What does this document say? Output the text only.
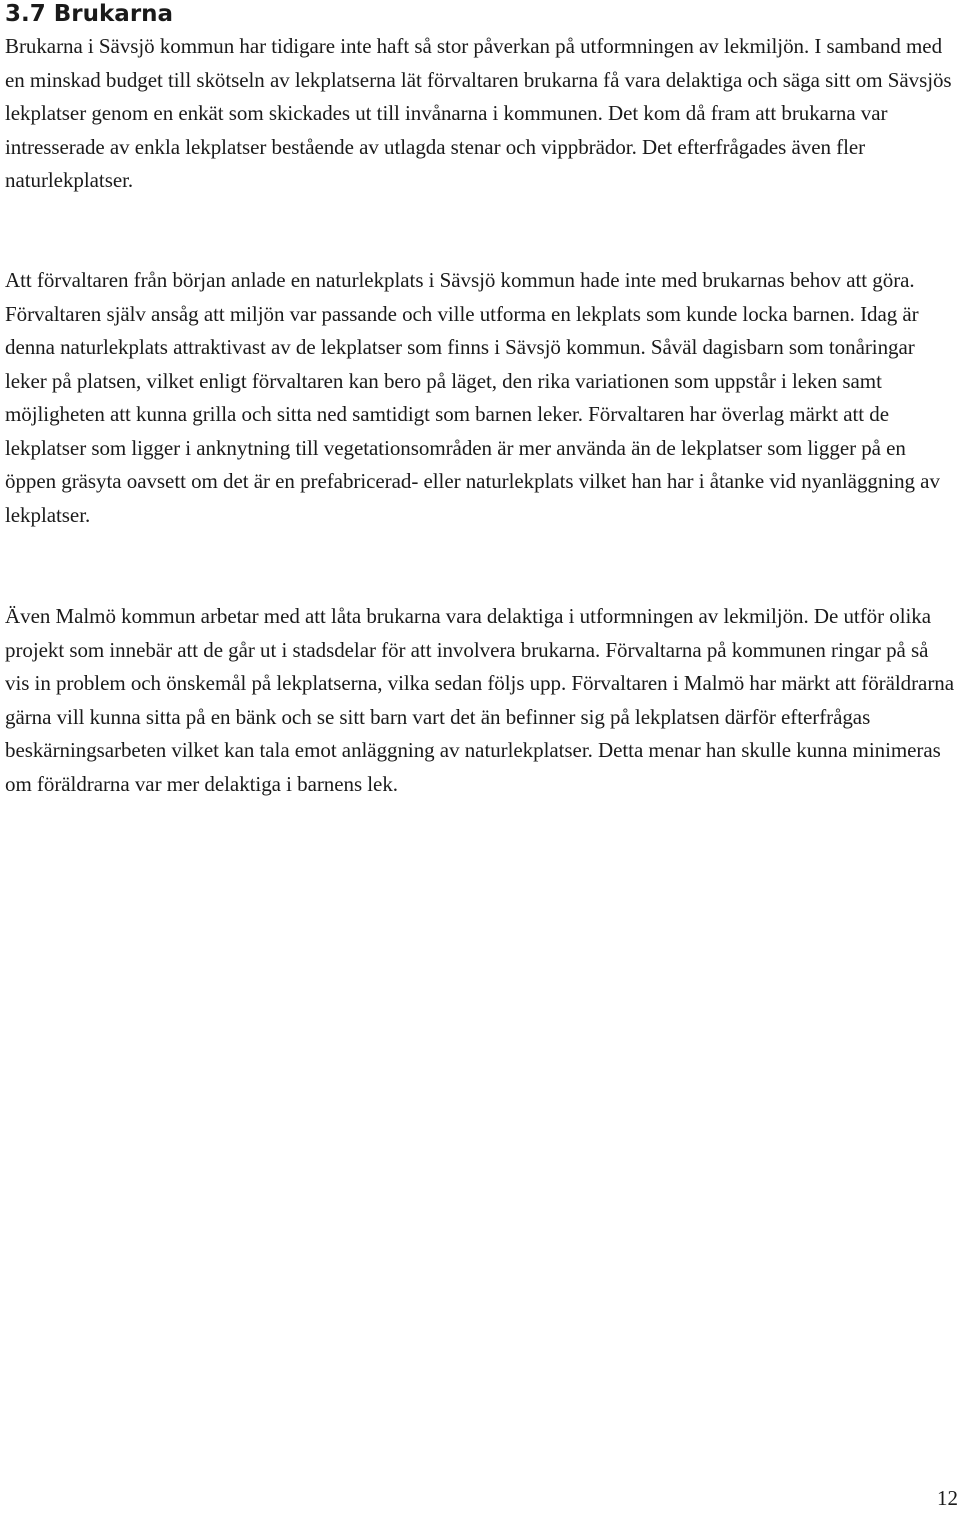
3.7 Brukarna

Brukarna i Sävsjö kommun har tidigare inte haft så stor påverkan på utformningen av lekmiljön. I samband med en minskad budget till skötseln av lekplatserna lät förvaltaren brukarna få vara delaktiga och säga sitt om Sävsjös lekplatser genom en enkät som skickades ut till invånarna i kommunen. Det kom då fram att brukarna var intresserade av enkla lekplatser bestående av utlagda stenar och vippbrädor. Det efterfrågades även fler naturlekplatser.

Att förvaltaren från början anlade en naturlekplats i Sävsjö kommun hade inte med brukarnas behov att göra. Förvaltaren själv ansåg att miljön var passande och ville utforma en lekplats som kunde locka barnen. Idag är denna naturlekplats attraktivast av de lekplatser som finns i Sävsjö kommun. Såväl dagisbarn som tonåringar leker på platsen, vilket enligt förvaltaren kan bero på läget, den rika variationen som uppstår i leken samt möjligheten att kunna grilla och sitta ned samtidigt som barnen leker. Förvaltaren har överlag märkt att de lekplatser som ligger i anknytning till vegetationsområden är mer använda än de lekplatser som ligger på en öppen gräsyta oavsett om det är en prefabricerad- eller naturlekplats vilket han har i åtanke vid nyanläggning av lekplatser.

Även Malmö kommun arbetar med att låta brukarna vara delaktiga i utformningen av lekmiljön. De utför olika projekt som innebär att de går ut i stadsdelar för att involvera brukarna. Förvaltarna på kommunen ringar på så vis in problem och önskemål på lekplatserna, vilka sedan följs upp. Förvaltaren i Malmö har märkt att föräldrarna gärna vill kunna sitta på en bänk och se sitt barn vart det än befinner sig på lekplatsen därför efterfrågas beskärningsarbeten vilket kan tala emot anläggning av naturlekplatser. Detta menar han skulle kunna minimeras om föräldrarna var mer delaktiga i barnens lek.

12
